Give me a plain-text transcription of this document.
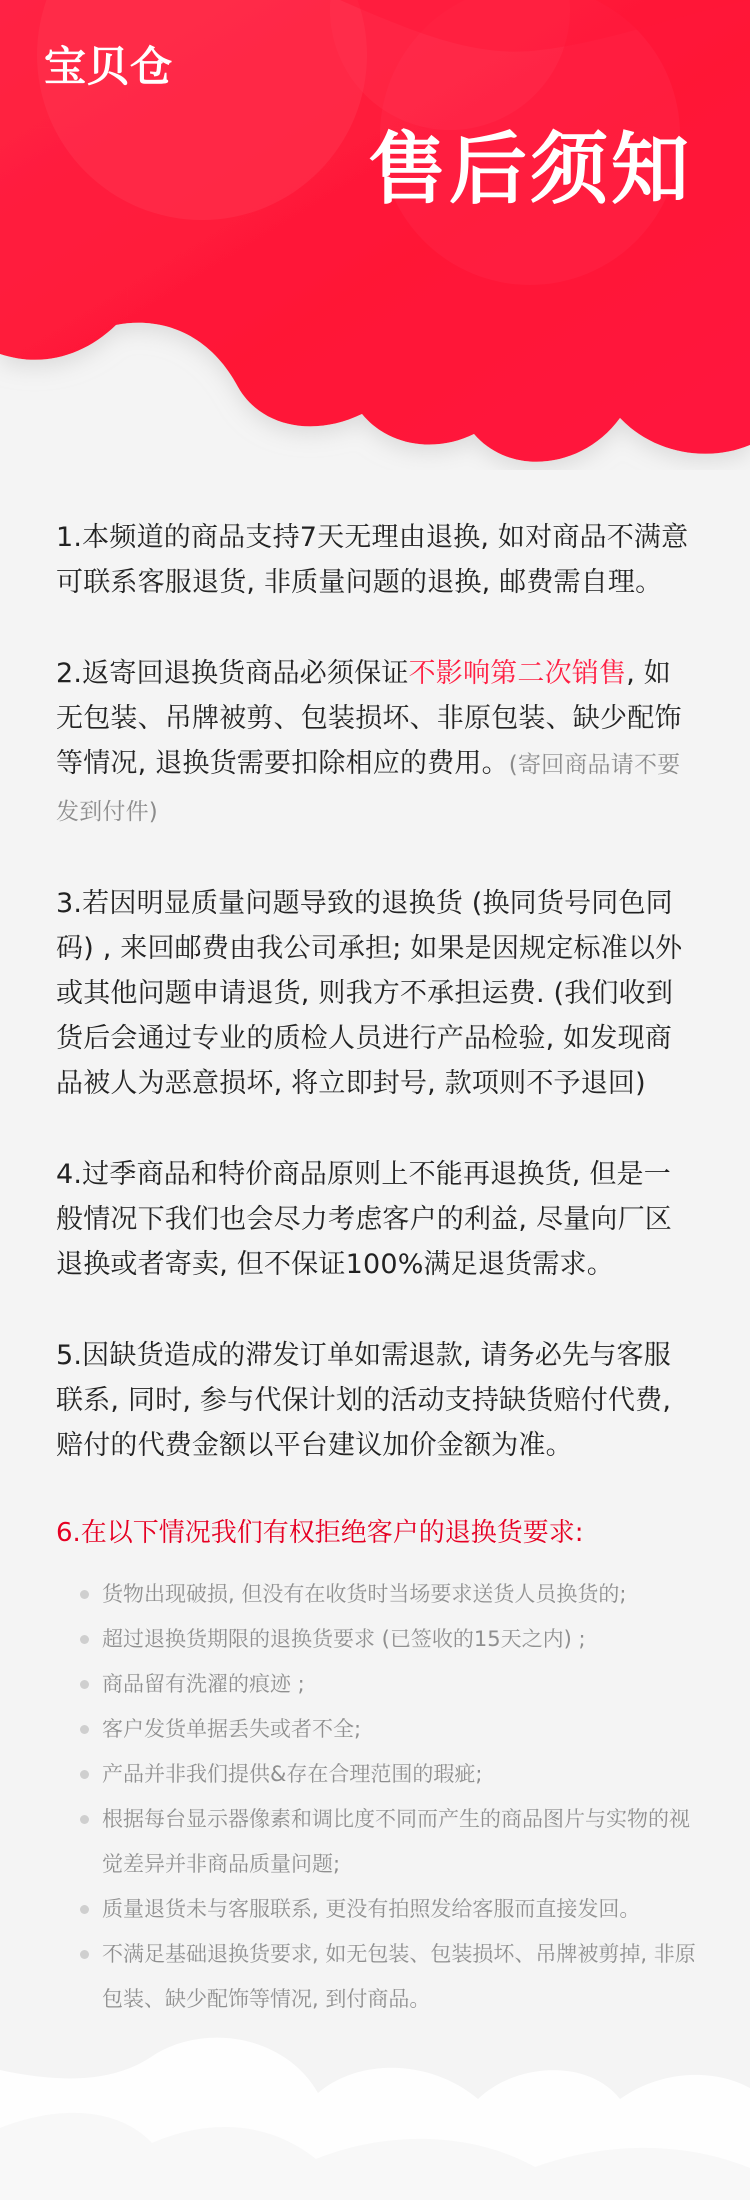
宝贝仓
售后须知

1.本频道的商品支持7天无理由退换, 如对商品不满意可联系客服退货, 非质量问题的退换, 邮费需自理。

2.返寄回退换货商品必须保证不影响第二次销售, 如无包装、吊牌被剪、包装损坏、非原包装、缺少配饰等情况, 退换货需要扣除相应的费用。(寄回商品请不要发到付件)

3.若因明显质量问题导致的退换货 (换同货号同色同码) , 来回邮费由我公司承担; 如果是因规定标准以外或其他问题申请退货, 则我方不承担运费. (我们收到货后会通过专业的质检人员进行产品检验, 如发现商品被人为恶意损坏, 将立即封号, 款项则不予退回)

4.过季商品和特价商品原则上不能再退换货, 但是一般情况下我们也会尽力考虑客户的利益, 尽量向厂区退换或者寄卖, 但不保证100%满足退货需求。

5.因缺货造成的滞发订单如需退款, 请务必先与客服联系, 同时, 参与代保计划的活动支持缺货赔付代费, 赔付的代费金额以平台建议加价金额为准。

6.在以下情况我们有权拒绝客户的退换货要求:
货物出现破损, 但没有在收货时当场要求送货人员换货的;
超过退换货期限的退换货要求 (已签收的15天之内) ;
商品留有洗濯的痕迹 ;
客户发货单据丢失或者不全;
产品并非我们提供&存在合理范围的瑕疵;
根据每台显示器像素和调比度不同而产生的商品图片与实物的视觉差异并非商品质量问题;
质量退货未与客服联系, 更没有拍照发给客服而直接发回。
不满足基础退换货要求, 如无包装、包装损坏、吊牌被剪掉, 非原包装、缺少配饰等情况, 到付商品。
